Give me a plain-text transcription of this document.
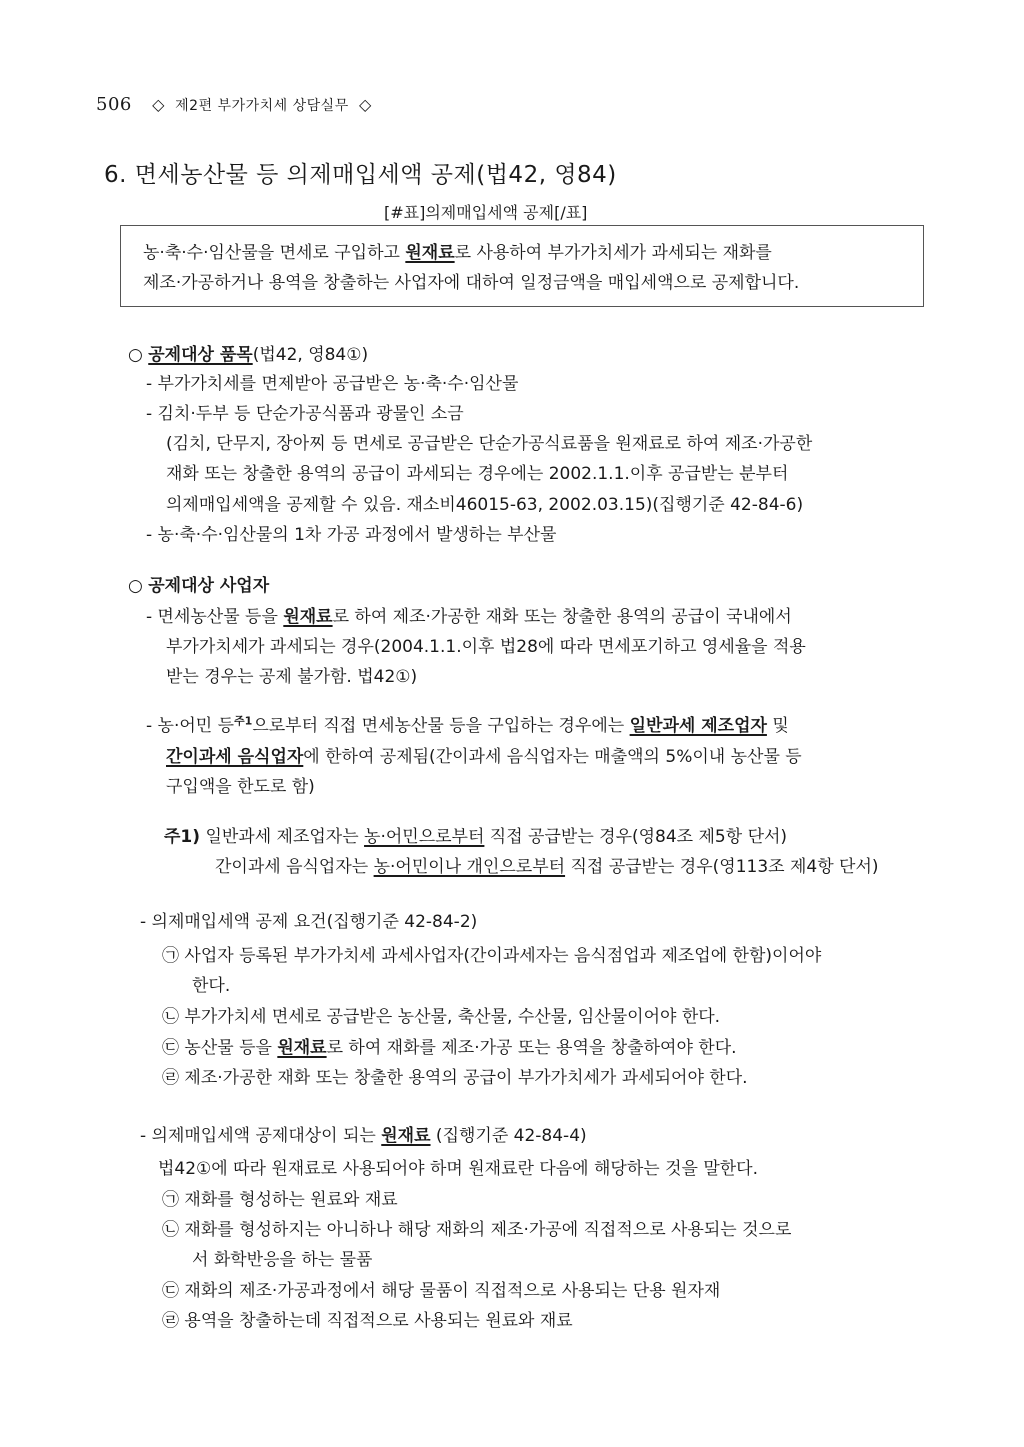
506 ◇ 제2편 부가가치세 상담실무 ◇
6. 면세농산물 등 의제매입세액 공제(법42, 영84)
[#표]의제매입세액 공제[/표]
농·축·수·임산물을 면세로 구입하고 원재료로 사용하여 부가가치세가 과세되는 재화를
제조·가공하거나 용역을 창출하는 사업자에 대하여 일정금액을 매입세액으로 공제합니다.
○ 공제대상 품목(법42, 영84①)
- 부가가치세를 면제받아 공급받은 농·축·수·임산물
- 김치·두부 등 단순가공식품과 광물인 소금
(김치, 단무지, 장아찌 등 면세로 공급받은 단순가공식료품을 원재료로 하여 제조·가공한
재화 또는 창출한 용역의 공급이 과세되는 경우에는 2002.1.1.이후 공급받는 분부터
의제매입세액을 공제할 수 있음. 재소비46015-63, 2002.03.15)(집행기준 42-84-6)
- 농·축·수·임산물의 1차 가공 과정에서 발생하는 부산물
○ 공제대상 사업자
- 면세농산물 등을 원재료로 하여 제조·가공한 재화 또는 창출한 용역의 공급이 국내에서
부가가치세가 과세되는 경우(2004.1.1.이후 법28에 따라 면세포기하고 영세율을 적용
받는 경우는 공제 불가함. 법42①)
- 농·어민 등$^{주1}$으로부터 직접 면세농산물 등을 구입하는 경우에는 일반과세 제조업자 및
간이과세 음식업자에 한하여 공제됨(간이과세 음식업자는 매출액의 5%이내 농산물 등
구입액을 한도로 함)
주1) 일반과세 제조업자는 농·어민으로부터 직접 공급받는 경우(영84조 제5항 단서)
간이과세 음식업자는 농·어민이나 개인으로부터 직접 공급받는 경우(영113조 제4항 단서)
- 의제매입세액 공제 요건(집행기준 42-84-2)
㉠ 사업자 등록된 부가가치세 과세사업자(간이과세자는 음식점업과 제조업에 한함)이어야
한다.
㉡ 부가가치세 면세로 공급받은 농산물, 축산물, 수산물, 임산물이어야 한다.
㉢ 농산물 등을 원재료로 하여 재화를 제조·가공 또는 용역을 창출하여야 한다.
㉣ 제조·가공한 재화 또는 창출한 용역의 공급이 부가가치세가 과세되어야 한다.
- 의제매입세액 공제대상이 되는 원재료 (집행기준 42-84-4)
법42①에 따라 원재료로 사용되어야 하며 원재료란 다음에 해당하는 것을 말한다.
㉠ 재화를 형성하는 원료와 재료
㉡ 재화를 형성하지는 아니하나 해당 재화의 제조·가공에 직접적으로 사용되는 것으로
서 화학반응을 하는 물품
㉢ 재화의 제조·가공과정에서 해당 물품이 직접적으로 사용되는 단용 원자재
㉣ 용역을 창출하는데 직접적으로 사용되는 원료와 재료
